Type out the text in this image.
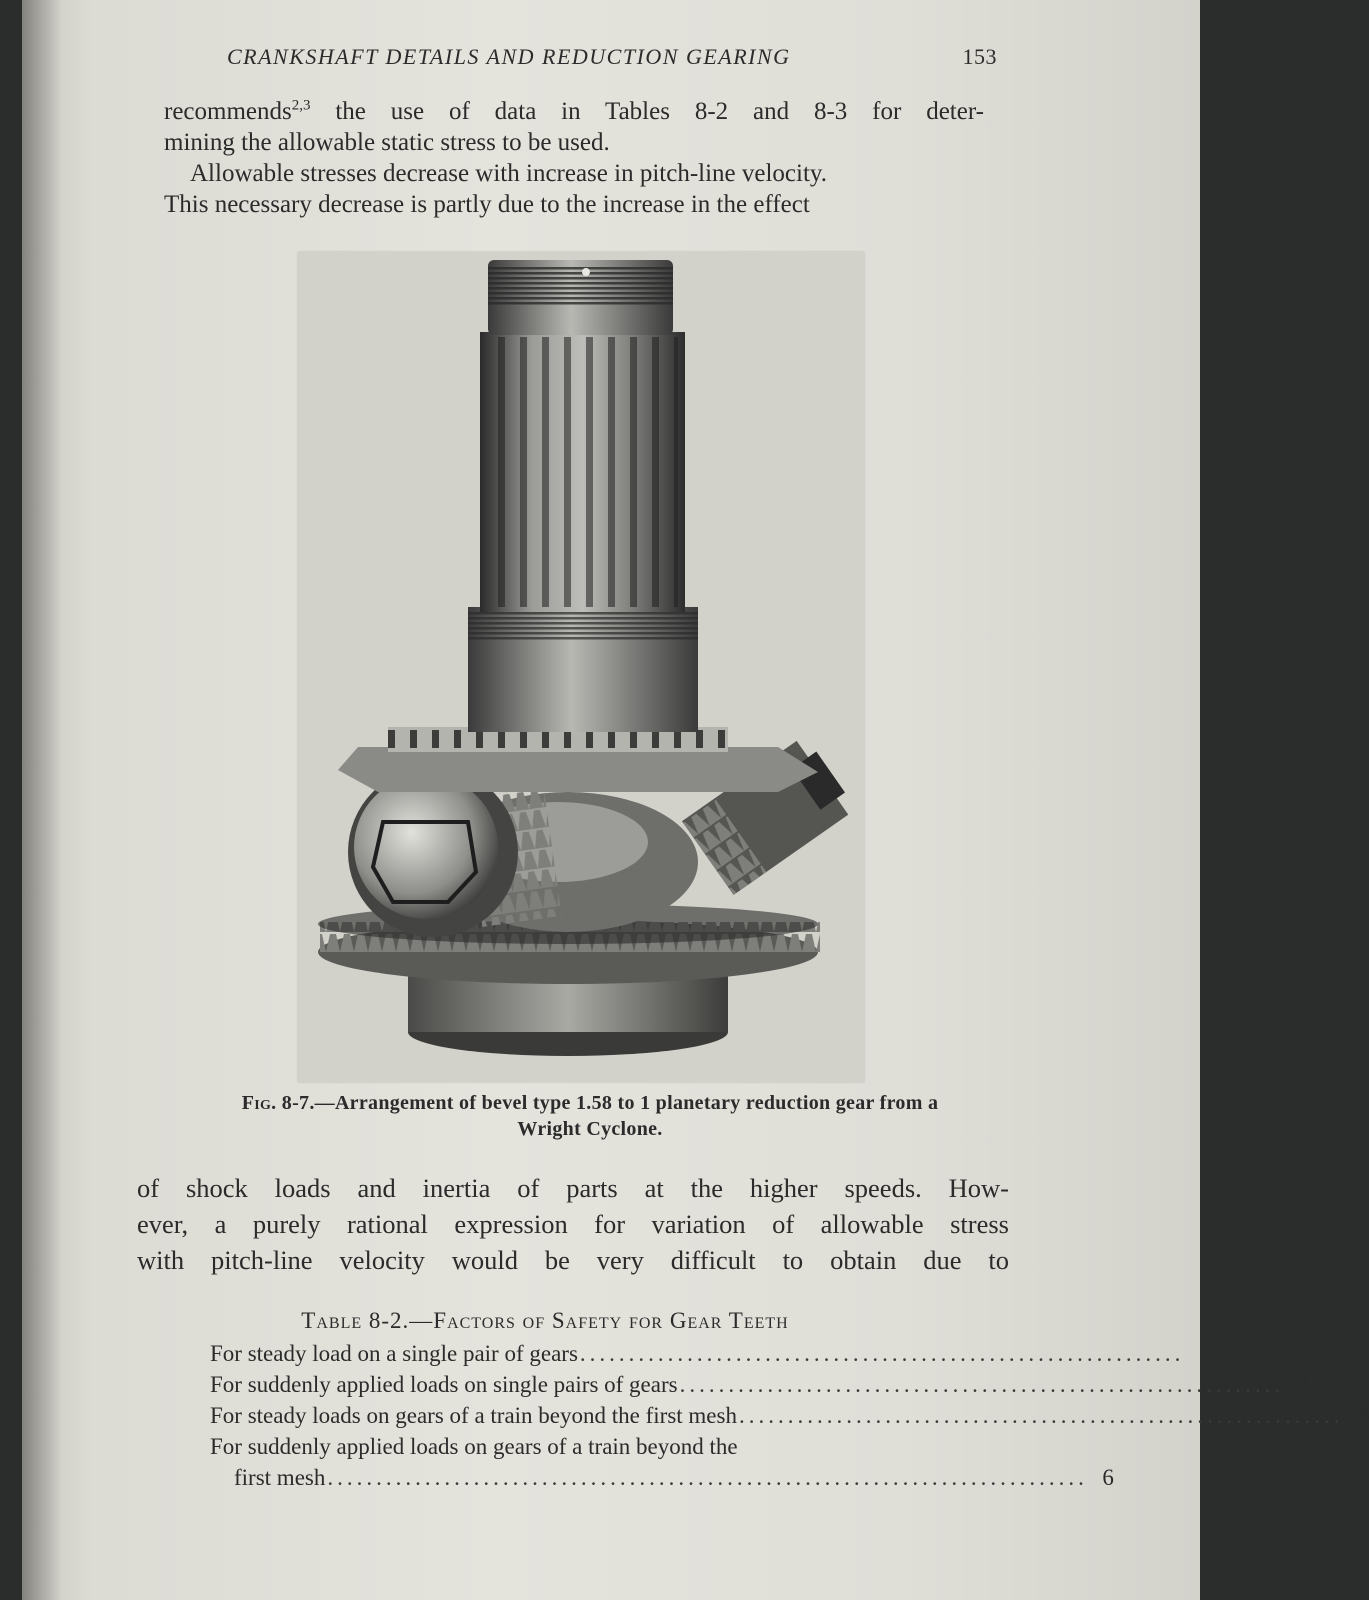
CRANKSHAFT DETAILS AND REDUCTION GEARING	153
recommends$^{2,3}$ the use of data in Tables 8-2 and 8-3 for deter-
mining the allowable static stress to be used.
Allowable stresses decrease with increase in pitch-line velocity.
This necessary decrease is partly due to the increase in the effect
Fig. 8-7.—Arrangement of bevel type 1.58 to 1 planetary reduction gear from a
Wright Cyclone.
of shock loads and inertia of parts at the higher speeds. How-
ever, a purely rational expression for variation of allowable stress
with pitch-line velocity would be very difficult to obtain due to
Table 8-2.—Factors of Safety for Gear Teeth
For steady load on a single pair of gears .............................................................. 3
For suddenly applied loads on single pairs of gears .............................................................. 4
For steady loads on gears of a train beyond the first mesh .............................................................. 5
For suddenly applied loads on gears of a train beyond the
first mesh .............................................................................. 6
